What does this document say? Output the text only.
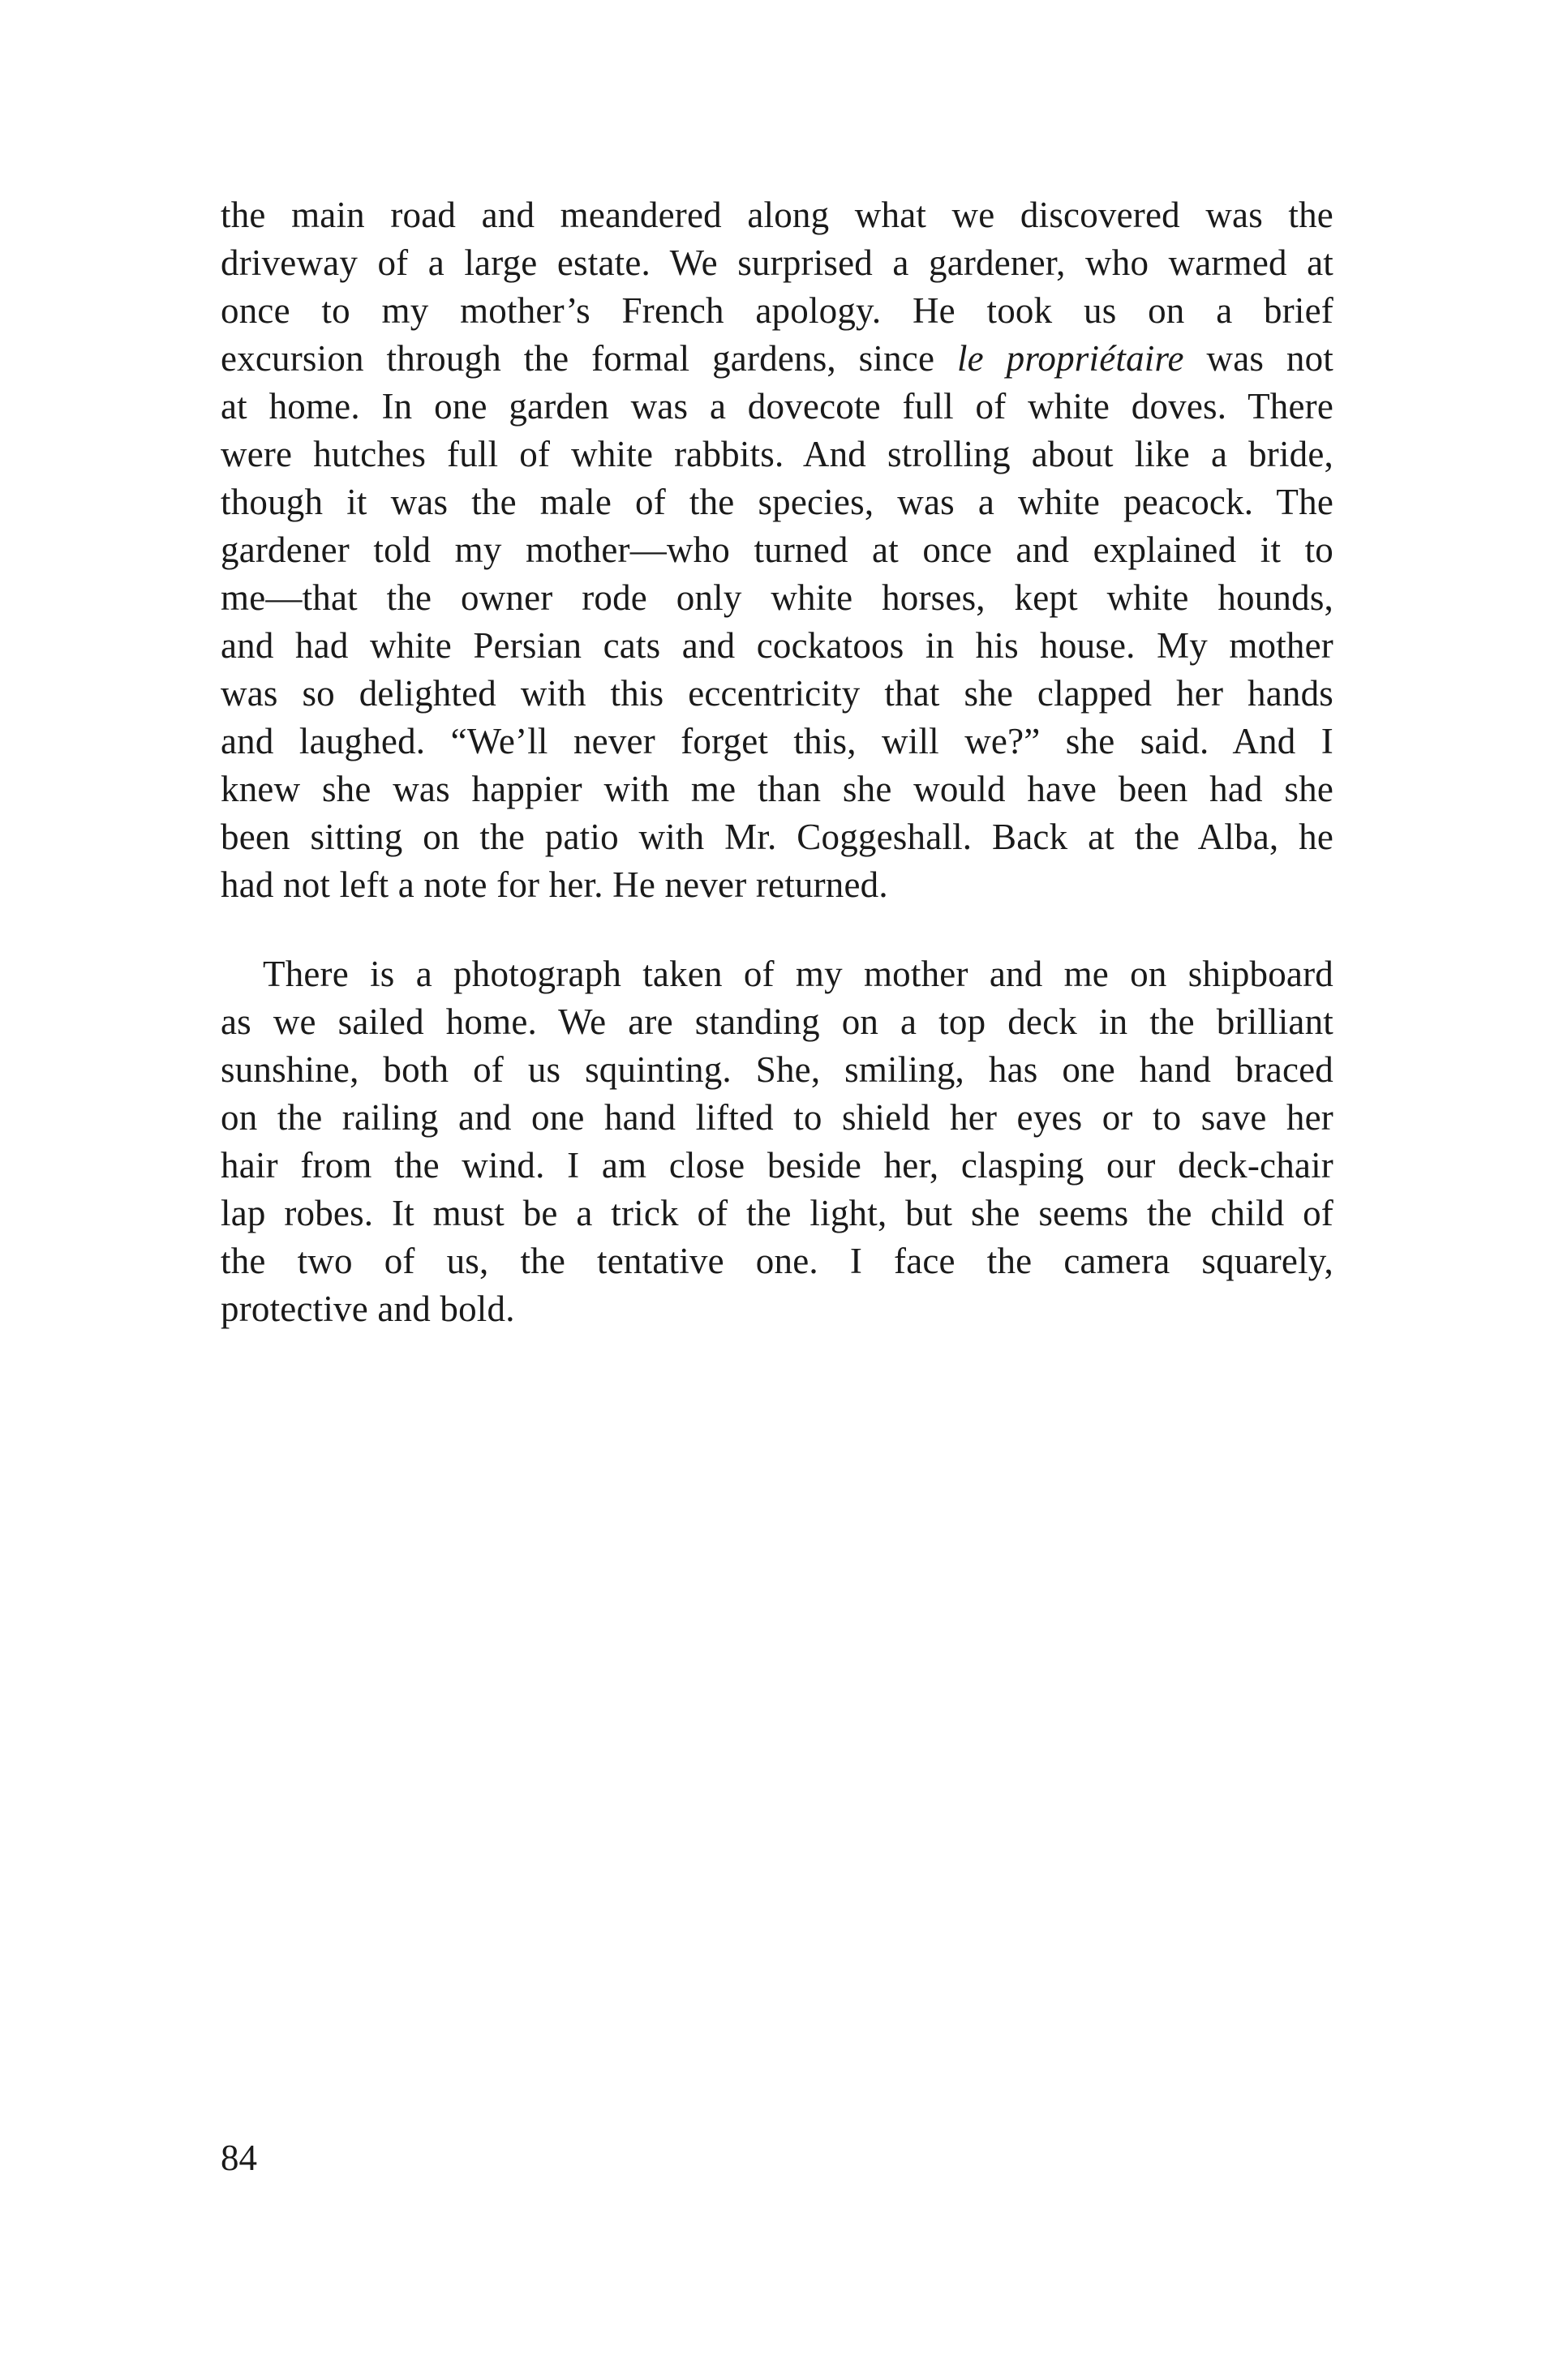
the main road and meandered along what we discovered was the
driveway of a large estate. We surprised a gardener, who warmed at
once to my mother’s French apology. He took us on a brief
excursion through the formal gardens, since le propriétaire was not
at home. In one garden was a dovecote full of white doves. There
were hutches full of white rabbits. And strolling about like a bride,
though it was the male of the species, was a white peacock. The
gardener told my mother—who turned at once and explained it to
me—that the owner rode only white horses, kept white hounds,
and had white Persian cats and cockatoos in his house. My mother
was so delighted with this eccentricity that she clapped her hands
and laughed. “We’ll never forget this, will we?” she said. And I
knew she was happier with me than she would have been had she
been sitting on the patio with Mr. Coggeshall. Back at the Alba, he
had not left a note for her. He never returned.
There is a photograph taken of my mother and me on shipboard
as we sailed home. We are standing on a top deck in the brilliant
sunshine, both of us squinting. She, smiling, has one hand braced
on the railing and one hand lifted to shield her eyes or to save her
hair from the wind. I am close beside her, clasping our deck-chair
lap robes. It must be a trick of the light, but she seems the child of
the two of us, the tentative one. I face the camera squarely,
protective and bold.
84
